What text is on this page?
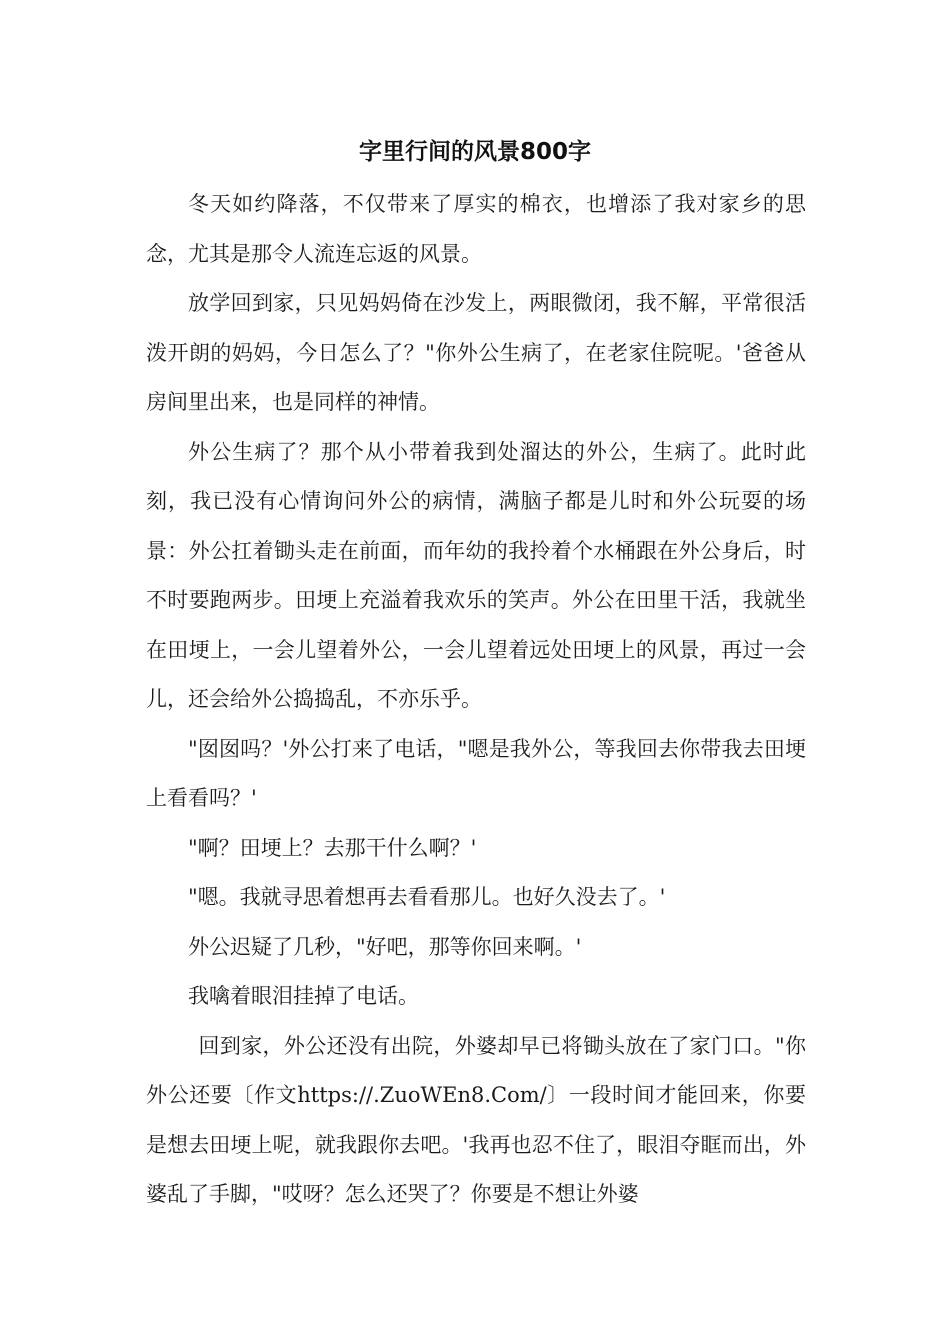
字里行间的风景800字

冬天如约降落，不仅带来了厚实的棉衣，也增添了我对家乡的思念，尤其是那令人流连忘返的风景。

放学回到家，只见妈妈倚在沙发上，两眼微闭，我不解，平常很活泼开朗的妈妈，今日怎么了？"你外公生病了，在老家住院呢。'爸爸从房间里出来，也是同样的神情。

外公生病了？那个从小带着我到处溜达的外公，生病了。此时此刻，我已没有心情询问外公的病情，满脑子都是儿时和外公玩耍的场景：外公扛着锄头走在前面，而年幼的我拎着个水桶跟在外公身后，时不时要跑两步。田埂上充溢着我欢乐的笑声。外公在田里干活，我就坐在田埂上，一会儿望着外公，一会儿望着远处田埂上的风景，再过一会儿，还会给外公捣捣乱，不亦乐乎。

"囡囡吗？'外公打来了电话，"嗯是我外公，等我回去你带我去田埂上看看吗？'

"啊？田埂上？去那干什么啊？'

"嗯。我就寻思着想再去看看那儿。也好久没去了。'

外公迟疑了几秒，"好吧，那等你回来啊。'

我噙着眼泪挂掉了电话。

回到家，外公还没有出院，外婆却早已将锄头放在了家门口。"你外公还要〔作文https://.ZuoWEn8.Com/〕一段时间才能回来，你要是想去田埂上呢，就我跟你去吧。'我再也忍不住了，眼泪夺眶而出，外婆乱了手脚，"哎呀？怎么还哭了？你要是不想让外婆
